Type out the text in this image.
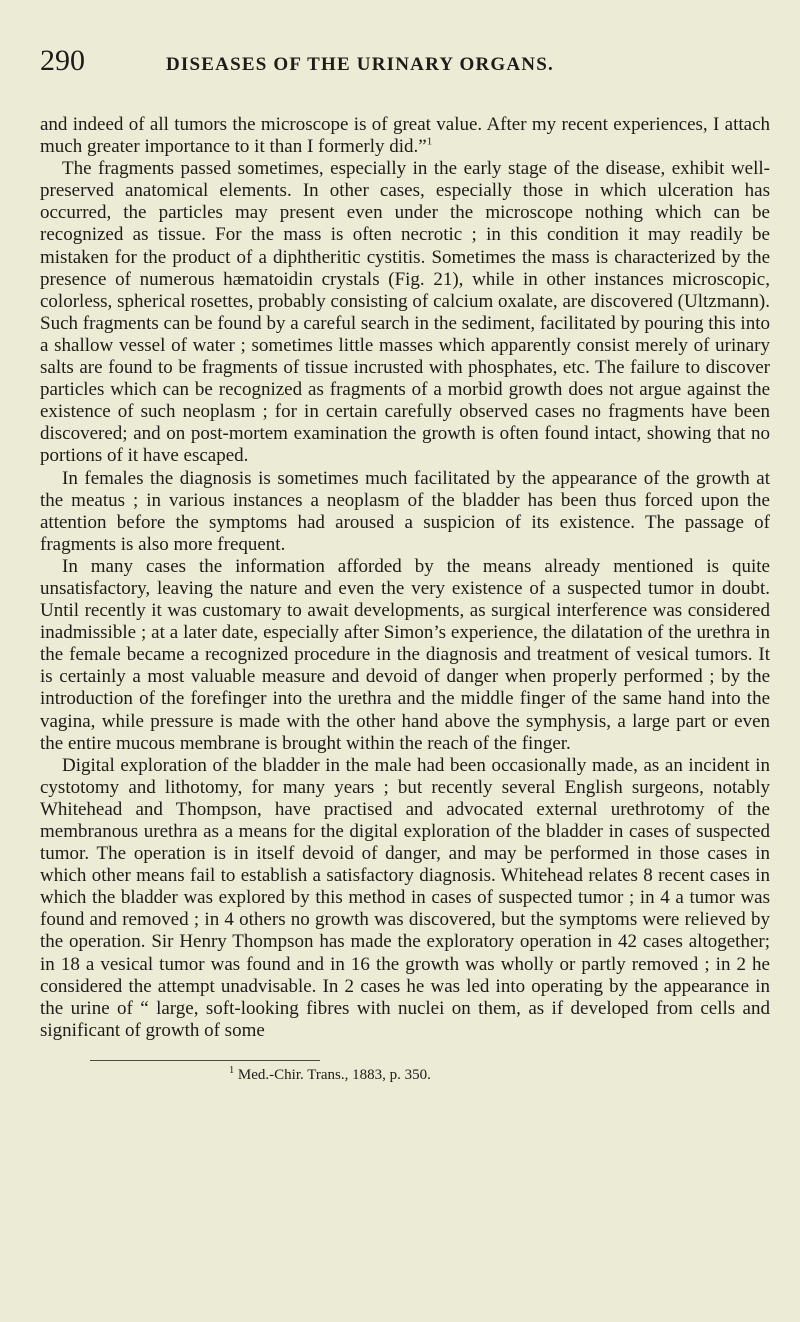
290	DISEASES OF THE URINARY ORGANS.

and indeed of all tumors the microscope is of great value. After my recent experiences, I attach much greater importance to it than I formerly did.”$^1$

The fragments passed sometimes, especially in the early stage of the disease, exhibit well-preserved anatomical elements. In other cases, especially those in which ulceration has occurred, the particles may present even under the microscope nothing which can be recognized as tissue. For the mass is often necrotic ; in this condition it may readily be mistaken for the product of a diphtheritic cystitis. Sometimes the mass is characterized by the presence of numerous hæmatoidin crystals (Fig. 21), while in other instances microscopic, colorless, spherical rosettes, probably consisting of calcium oxalate, are discovered (Ultzmann). Such fragments can be found by a careful search in the sediment, facilitated by pouring this into a shallow vessel of water ; sometimes little masses which apparently consist merely of urinary salts are found to be fragments of tissue incrusted with phosphates, etc. The failure to discover particles which can be recognized as fragments of a morbid growth does not argue against the existence of such neoplasm ; for in certain carefully observed cases no fragments have been discovered; and on post-mortem examination the growth is often found intact, showing that no portions of it have escaped.

In females the diagnosis is sometimes much facilitated by the appearance of the growth at the meatus ; in various instances a neoplasm of the bladder has been thus forced upon the attention before the symptoms had aroused a suspicion of its existence. The passage of fragments is also more frequent.

In many cases the information afforded by the means already mentioned is quite unsatisfactory, leaving the nature and even the very existence of a suspected tumor in doubt. Until recently it was customary to await developments, as surgical interference was considered inadmissible ; at a later date, especially after Simon’s experience, the dilatation of the urethra in the female became a recognized procedure in the diagnosis and treatment of vesical tumors. It is certainly a most valuable measure and devoid of danger when properly performed ; by the introduction of the forefinger into the urethra and the middle finger of the same hand into the vagina, while pressure is made with the other hand above the symphysis, a large part or even the entire mucous membrane is brought within the reach of the finger.

Digital exploration of the bladder in the male had been occasionally made, as an incident in cystotomy and lithotomy, for many years ; but recently several English surgeons, notably Whitehead and Thompson, have practised and advocated external urethrotomy of the membranous urethra as a means for the digital exploration of the bladder in cases of suspected tumor. The operation is in itself devoid of danger, and may be performed in those cases in which other means fail to establish a satisfactory diagnosis. Whitehead relates 8 recent cases in which the bladder was explored by this method in cases of suspected tumor ; in 4 a tumor was found and removed ; in 4 others no growth was discovered, but the symptoms were relieved by the operation. Sir Henry Thompson has made the exploratory operation in 42 cases altogether; in 18 a vesical tumor was found and in 16 the growth was wholly or partly removed ; in 2 he considered the attempt unadvisable. In 2 cases he was led into operating by the appearance in the urine of “ large, soft-looking fibres with nuclei on them, as if developed from cells and significant of growth of some

$^1$ Med.-Chir. Trans., 1883, p. 350.
